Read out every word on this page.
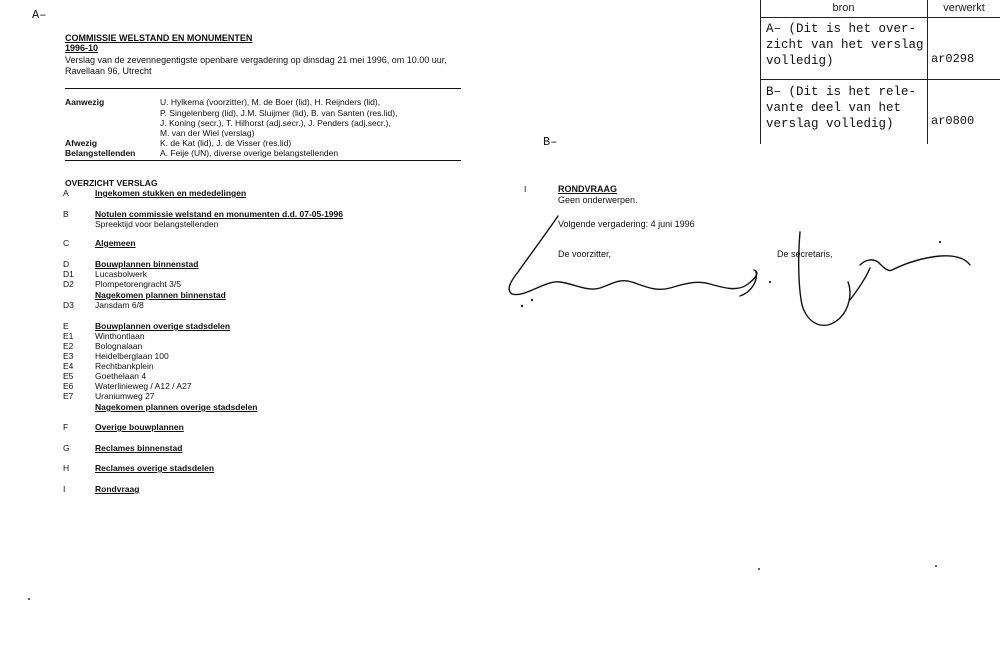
A–
B–
COMMISSIE WELSTAND EN MONUMENTEN
1996-10
Verslag van de zevennegentigste openbare vergadering op dinsdag 21 mei 1996, om 10.00 uur,
Ravellaan 96, Utrecht
Aanwezig	U. Hylkema (voorzitter), M. de Boer (lid), H. Reijnders (lid),
P. Singelenberg (lid), J.M. Sluijmer (lid), B. van Santen (res.lid),
J. Koning (secr.), T. Hilhorst (adj.secr.), J. Penders (adj.secr.),
M. van der Wiel (verslag)
Afwezig	K. de Kat (lid), J. de Visser (res.lid)
Belangstellenden	A. Feije (UN), diverse overige belangstellenden
OVERZICHT VERSLAG
A	Ingekomen stukken en mededelingen
B	Notulen commissie welstand en monumenten d.d. 07-05-1996
Spreektijd voor belangstellenden
C	Algemeen
D	Bouwplannen binnenstad
D1	Lucasbolwerk
D2	Plompetorengracht 3/5
Nagekomen plannen binnenstad
D3	Jansdam 6/8
E	Bouwplannen overige stadsdelen
E1	Winthontlaan
E2	Bolognalaan
E3	Heidelberglaan 100
E4	Rechtbankplein
E5	Goethelaan 4
E6	Waterlinieweg / A12 / A27
E7	Uraniumweg 27
Nagekomen plannen overige stadsdelen
F	Overige bouwplannen
G	Reclames binnenstad
H	Reclames overige stadsdelen
I	Rondvraag
I	RONDVRAAG
Geen onderwerpen.
Volgende vergadering: 4 juni 1996
De voorzitter,	De secretaris,
bron	verwerkt
A– (Dit is het over-
zicht van het verslag
volledig)	ar0298
B– (Dit is het rele-
vante deel van het
verslag volledig)	ar0800
